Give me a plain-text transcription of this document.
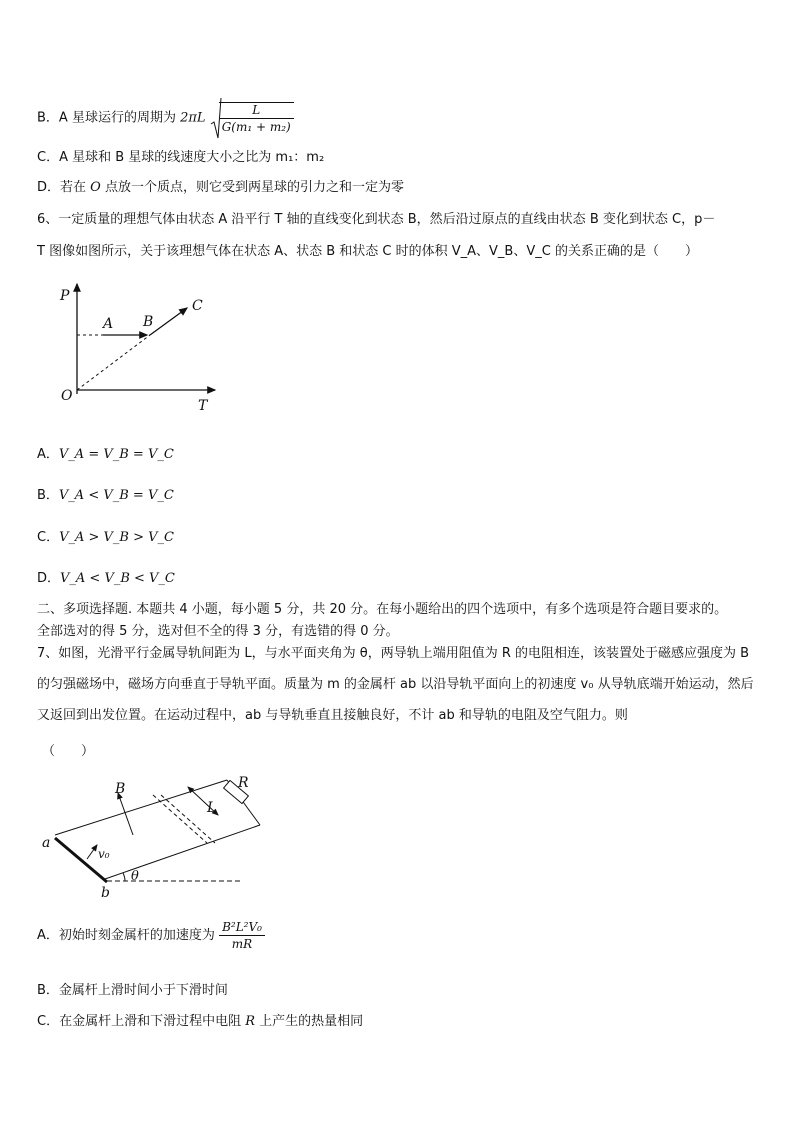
B．A 星球运行的周期为 $2\pi L \frac{L}{\text{G(m₁ + m₂)}}$
C．A 星球和 B 星球的线速度大小之比为 m₁：m₂
D．若在 O 点放一个质点，则它受到两星球的引力之和一定为零
6、一定质量的理想气体由状态 A 沿平行 T 轴的直线变化到状态 B，然后沿过原点的直线由状态 B 变化到状态 C，p－
T 图像如图所示，关于该理想气体在状态 A、状态 B 和状态 C 时的体积 V_A、V_B、V_C 的关系正确的是（　　）
P
T
O
A B
C
A．V_A = V_B = V_C
B．V_A < V_B = V_C
C．V_A > V_B > V_C
D．V_A < V_B < V_C
二、多项选择题. 本题共 4 小题，每小题 5 分，共 20 分。在每小题给出的四个选项中，有多个选项是符合题目要求的。
全部选对的得 5 分，选对但不全的得 3 分，有选错的得 0 分。
7、如图，光滑平行金属导轨间距为 L，与水平面夹角为 θ，两导轨上端用阻值为 R 的电阻相连，该装置处于磁感应强度为 B 的匀强磁场中，磁场方向垂直于导轨平面。质量为 m 的金属杆 ab 以沿导轨平面向上的初速度 v₀ 从导轨底端开始运动，然后又返回到出发位置。在运动过程中，ab 与导轨垂直且接触良好，不计 ab 和导轨的电阻及空气阻力。则
（　　）
B	R
L
a
b
v₀
θ
A．初始时刻金属杆的加速度为 $\frac{\text{B²L²V₀}}{mR}$
B．金属杆上滑时间小于下滑时间
C．在金属杆上滑和下滑过程中电阻 R 上产生的热量相同
